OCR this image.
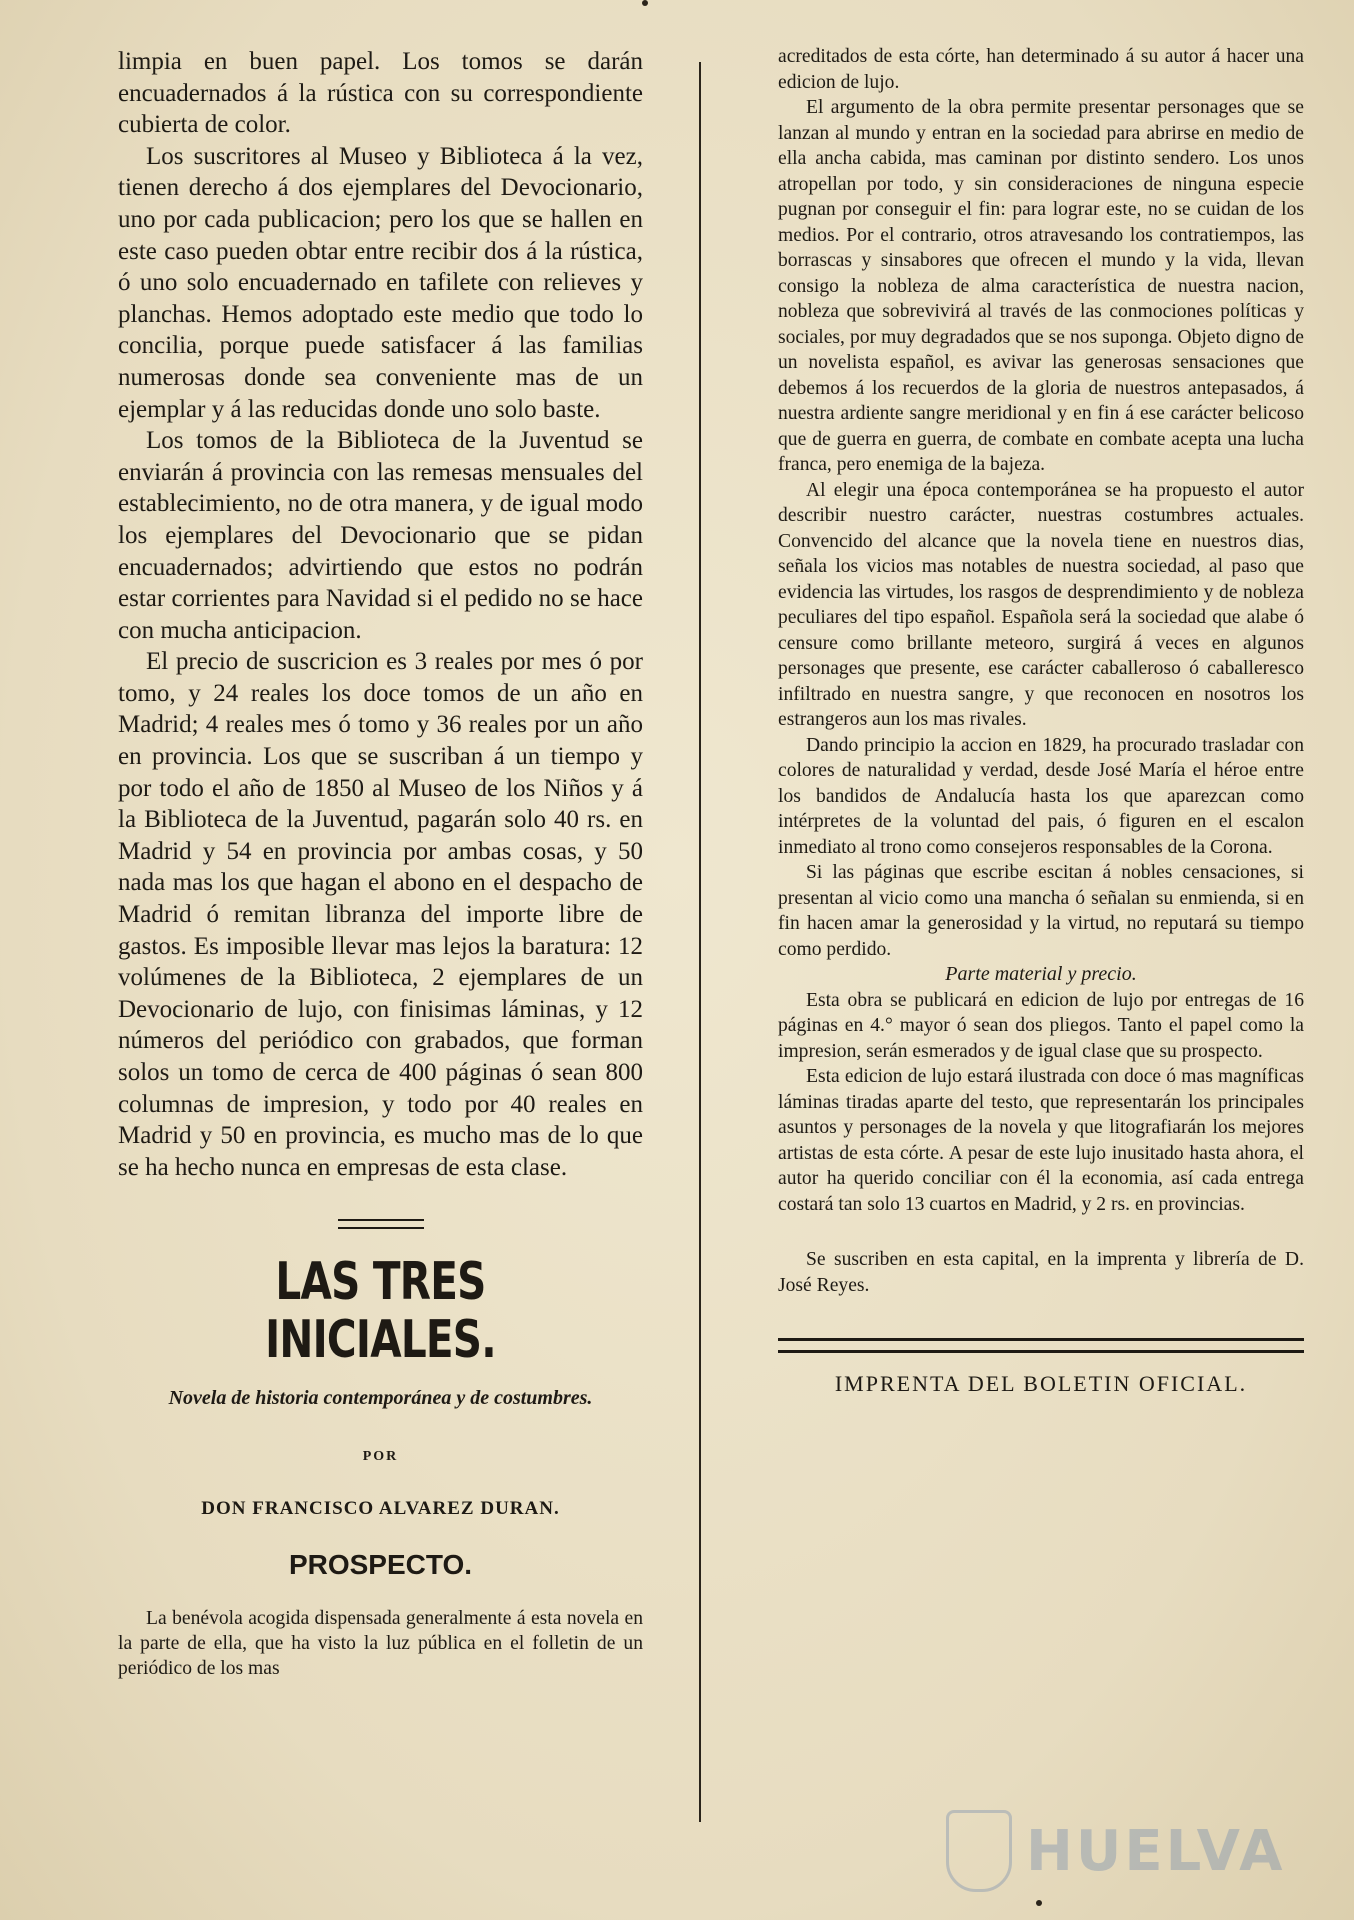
limpia en buen papel. Los tomos se darán encuadernados á la rústica con su correspondiente cubierta de color.

Los suscritores al Museo y Biblioteca á la vez, tienen derecho á dos ejemplares del Devocionario, uno por cada publicacion; pero los que se hallen en este caso pueden obtar entre recibir dos á la rústica, ó uno solo encuadernado en tafilete con relieves y planchas. Hemos adoptado este medio que todo lo concilia, porque puede satisfacer á las familias numerosas donde sea conveniente mas de un ejemplar y á las reducidas donde uno solo baste.

Los tomos de la Biblioteca de la Juventud se enviarán á provincia con las remesas mensuales del establecimiento, no de otra manera, y de igual modo los ejemplares del Devocionario que se pidan encuadernados; advirtiendo que estos no podrán estar corrientes para Navidad si el pedido no se hace con mucha anticipacion.

El precio de suscricion es 3 reales por mes ó por tomo, y 24 reales los doce tomos de un año en Madrid; 4 reales mes ó tomo y 36 reales por un año en provincia. Los que se suscriban á un tiempo y por todo el año de 1850 al Museo de los Niños y á la Biblioteca de la Juventud, pagarán solo 40 rs. en Madrid y 54 en provincia por ambas cosas, y 50 nada mas los que hagan el abono en el despacho de Madrid ó remitan libranza del importe libre de gastos. Es imposible llevar mas lejos la baratura: 12 volúmenes de la Biblioteca, 2 ejemplares de un Devocionario de lujo, con finisimas láminas, y 12 números del periódico con grabados, que forman solos un tomo de cerca de 400 páginas ó sean 800 columnas de impresion, y todo por 40 reales en Madrid y 50 en provincia, es mucho mas de lo que se ha hecho nunca en empresas de esta clase.

LAS TRES INICIALES.
Novela de historia contemporánea y de costumbres.
POR
DON FRANCISCO ALVAREZ DURAN.
PROSPECTO.

La benévola acogida dispensada generalmente á esta novela en la parte de ella, que ha visto la luz pública en el folletin de un periódico de los mas

acreditados de esta córte, han determinado á su autor á hacer una edicion de lujo.

El argumento de la obra permite presentar personages que se lanzan al mundo y entran en la sociedad para abrirse en medio de ella ancha cabida, mas caminan por distinto sendero. Los unos atropellan por todo, y sin consideraciones de ninguna especie pugnan por conseguir el fin: para lograr este, no se cuidan de los medios. Por el contrario, otros atravesando los contratiempos, las borrascas y sinsabores que ofrecen el mundo y la vida, llevan consigo la nobleza de alma característica de nuestra nacion, nobleza que sobrevivirá al través de las conmociones políticas y sociales, por muy degradados que se nos suponga. Objeto digno de un novelista español, es avivar las generosas sensaciones que debemos á los recuerdos de la gloria de nuestros antepasados, á nuestra ardiente sangre meridional y en fin á ese carácter belicoso que de guerra en guerra, de combate en combate acepta una lucha franca, pero enemiga de la bajeza.

Al elegir una época contemporánea se ha propuesto el autor describir nuestro carácter, nuestras costumbres actuales. Convencido del alcance que la novela tiene en nuestros dias, señala los vicios mas notables de nuestra sociedad, al paso que evidencia las virtudes, los rasgos de desprendimiento y de nobleza peculiares del tipo español. Española será la sociedad que alabe ó censure como brillante meteoro, surgirá á veces en algunos personages que presente, ese carácter caballeroso ó caballeresco infiltrado en nuestra sangre, y que reconocen en nosotros los estrangeros aun los mas rivales.

Dando principio la accion en 1829, ha procurado trasladar con colores de naturalidad y verdad, desde José María el héroe entre los bandidos de Andalucía hasta los que aparezcan como intérpretes de la voluntad del pais, ó figuren en el escalon inmediato al trono como consejeros responsables de la Corona.

Si las páginas que escribe escitan á nobles censaciones, si presentan al vicio como una mancha ó señalan su enmienda, si en fin hacen amar la generosidad y la virtud, no reputará su tiempo como perdido.

Parte material y precio.

Esta obra se publicará en edicion de lujo por entregas de 16 páginas en 4.° mayor ó sean dos pliegos. Tanto el papel como la impresion, serán esmerados y de igual clase que su prospecto.

Esta edicion de lujo estará ilustrada con doce ó mas magníficas láminas tiradas aparte del testo, que representarán los principales asuntos y personages de la novela y que litografiarán los mejores artistas de esta córte. A pesar de este lujo inusitado hasta ahora, el autor ha querido conciliar con él la economia, así cada entrega costará tan solo 13 cuartos en Madrid, y 2 rs. en provincias.

Se suscriben en esta capital, en la imprenta y librería de D. José Reyes.

IMPRENTA DEL BOLETIN OFICIAL.
HUELVA
